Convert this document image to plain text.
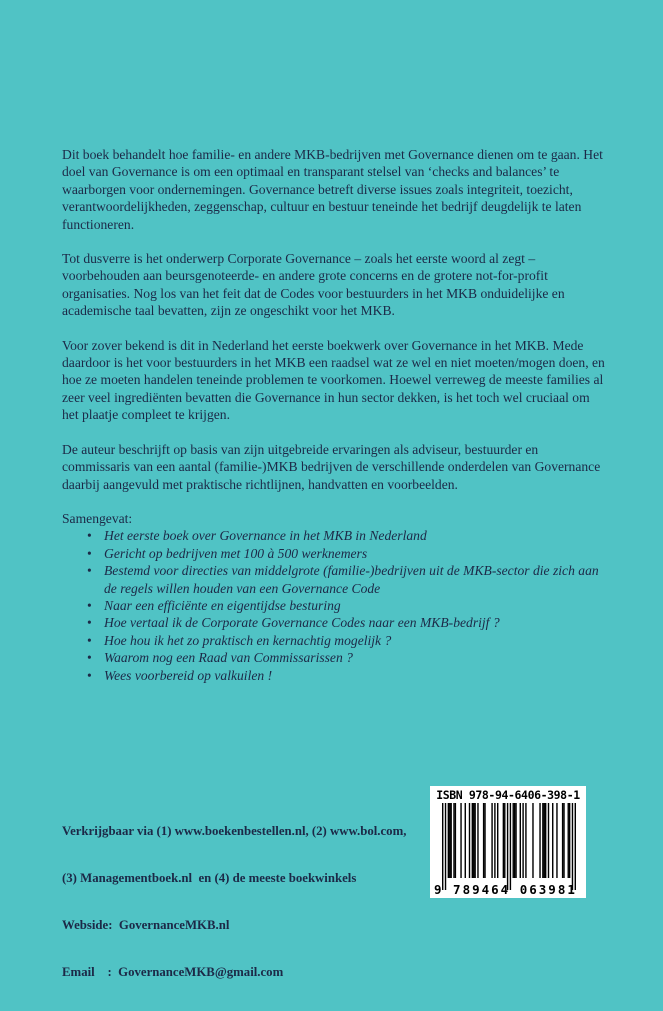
Dit boek behandelt hoe familie- en andere MKB-bedrijven met Governance dienen om te gaan. Het doel van Governance is om een optimaal en transparant stelsel van ‘checks and balances’ te waarborgen voor ondernemingen. Governance betreft diverse issues zoals integriteit, toezicht, verantwoordelijkheden, zeggenschap, cultuur en bestuur teneinde het bedrijf deugdelijk te laten functioneren.

Tot dusverre is het onderwerp Corporate Governance – zoals het eerste woord al zegt – voorbehouden aan beursgenoteerde- en andere grote concerns en de grotere not-for-profit organisaties. Nog los van het feit dat de Codes voor bestuurders in het MKB onduidelijke en academische taal bevatten, zijn ze ongeschikt voor het MKB.

Voor zover bekend is dit in Nederland het eerste boekwerk over Governance in het MKB. Mede daardoor is het voor bestuurders in het MKB een raadsel wat ze wel en niet moeten/mogen doen, en hoe ze moeten handelen teneinde problemen te voorkomen. Hoewel verreweg de meeste families al zeer veel ingrediënten bevatten die Governance in hun sector dekken, is het toch wel cruciaal om het plaatje compleet te krijgen.

De auteur beschrijft op basis van zijn uitgebreide ervaringen als adviseur, bestuurder en commissaris van een aantal (familie-)MKB bedrijven de verschillende onderdelen van Governance daarbij aangevuld met praktische richtlijnen, handvatten en voorbeelden.

Samengevat:

• Het eerste boek over Governance in het MKB in Nederland
• Gericht op bedrijven met 100 à 500 werknemers
• Bestemd voor directies van middelgrote (familie-)bedrijven uit de MKB-sector die zich aan de regels willen houden van een Governance Code
• Naar een efficiënte en eigentijdse besturing
• Hoe vertaal ik de Corporate Governance Codes naar een MKB-bedrijf ?
• Hoe hou ik het zo praktisch en kernachtig mogelijk ?
• Waarom nog een Raad van Commissarissen ?
• Wees voorbereid op valkuilen !

Verkrijgbaar via (1) www.boekenbestellen.nl, (2) www.bol.com,

(3) Managementboek.nl  en (4) de meeste boekwinkels

Webside:  GovernanceMKB.nl

Email    :  GovernanceMKB@gmail.com

ISBN 978-94-6406-398-1
9 789464 063981
